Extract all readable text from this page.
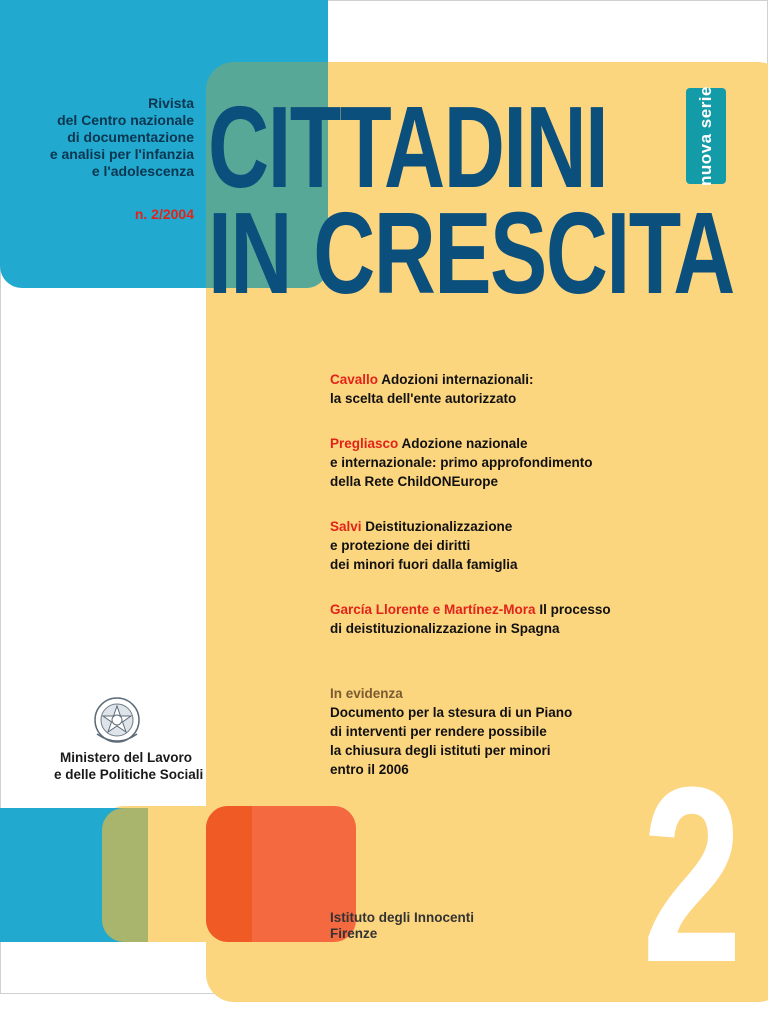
nuova serie
CITTADINI
IN CRESCITA
Rivista
del Centro nazionale
di documentazione
e analisi per l'infanzia
e l'adolescenza
n. 2/2004
Cavallo Adozioni internazionali:
la scelta dell'ente autorizzato
Pregliasco Adozione nazionale
e internazionale: primo approfondimento
della Rete ChildONEurope
Salvi Deistituzionalizzazione
e protezione dei diritti
dei minori fuori dalla famiglia
García Llorente e Martínez-Mora Il processo
di deistituzionalizzazione in Spagna
In evidenza
Documento per la stesura di un Piano
di interventi per rendere possibile
la chiusura degli istituti per minori
entro il 2006
Ministero del Lavoro
e delle Politiche Sociali 2
Istituto degli Innocenti
Firenze
